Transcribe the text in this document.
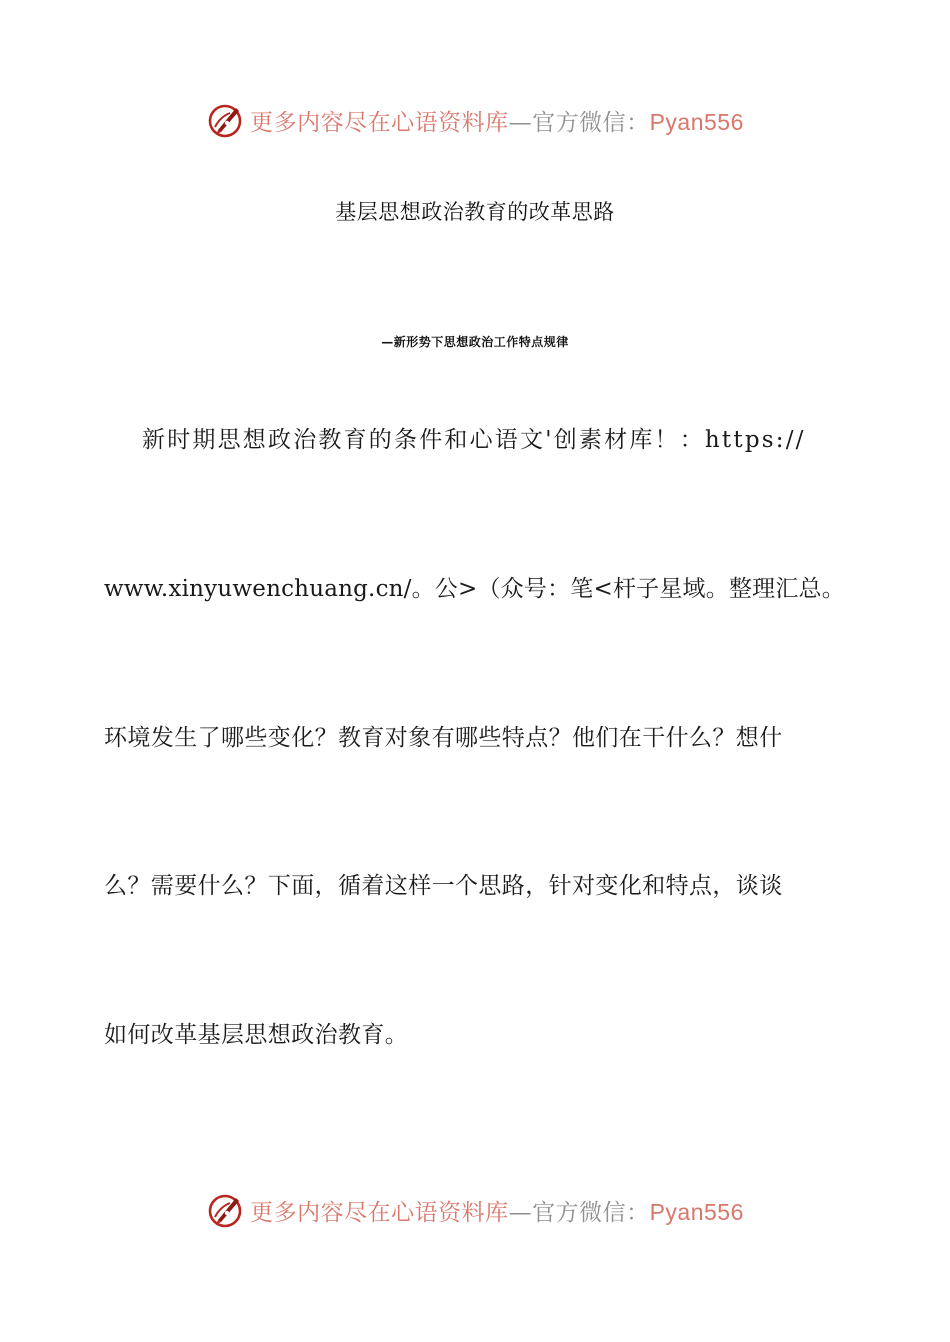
更多内容尽在心语资料库—官方微信：Pyan556
基层思想政治教育的改革思路
—新形势下思想政治工作特点规律
新时期思想政治教育的条件和心语文'创素材库！：https://
www.xinyuwenchuang.cn/。公>（众号：笔<杆子星域。整理汇总。
环境发生了哪些变化？教育对象有哪些特点？他们在干什么？想什
么？需要什么？下面，循着这样一个思路，针对变化和特点，谈谈
如何改革基层思想政治教育。
更多内容尽在心语资料库—官方微信：Pyan556
